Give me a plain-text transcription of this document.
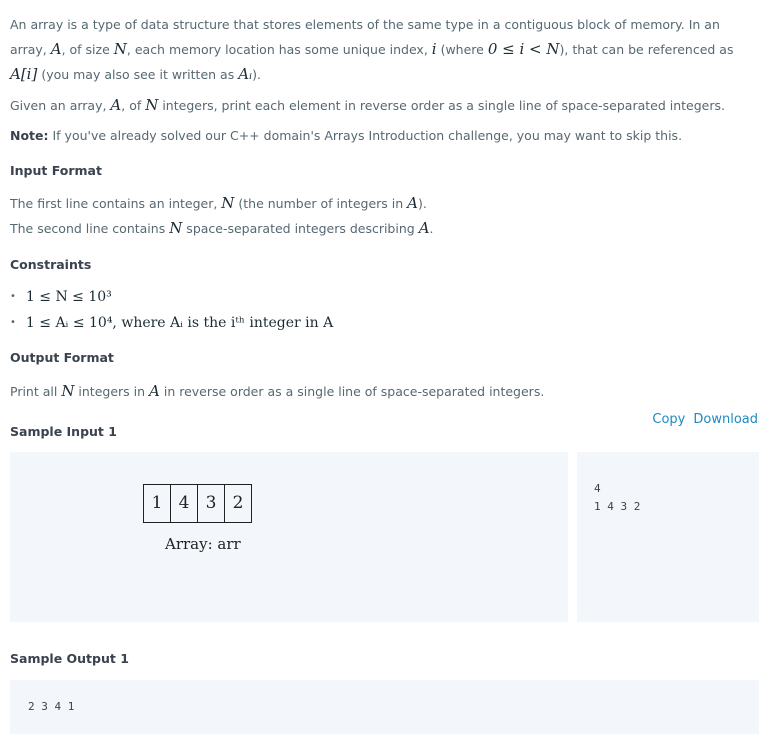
An array is a type of data structure that stores elements of the same type in a contiguous block of memory. In an array, A, of size N, each memory location has some unique index, i (where 0 ≤ i < N), that can be referenced as A[i] (you may also see it written as Aᵢ).

Given an array, A, of N integers, print each element in reverse order as a single line of space-separated integers.

Note: If you've already solved our C++ domain's Arrays Introduction challenge, you may want to skip this.

Input Format

The first line contains an integer, N (the number of integers in A).

The second line contains N space-separated integers describing A.

Constraints
• 1 ≤ N ≤ 10³
• 1 ≤ Aᵢ ≤ 10⁴, where Aᵢ is the iᵗʰ integer in A
Output Format

Print all N integers in A in reverse order as a single line of space-separated integers.

Copy Download
Sample Input 1
1 4 3 2
Array: arr
4
1 4 3 2
Sample Output 1
2 3 4 1
